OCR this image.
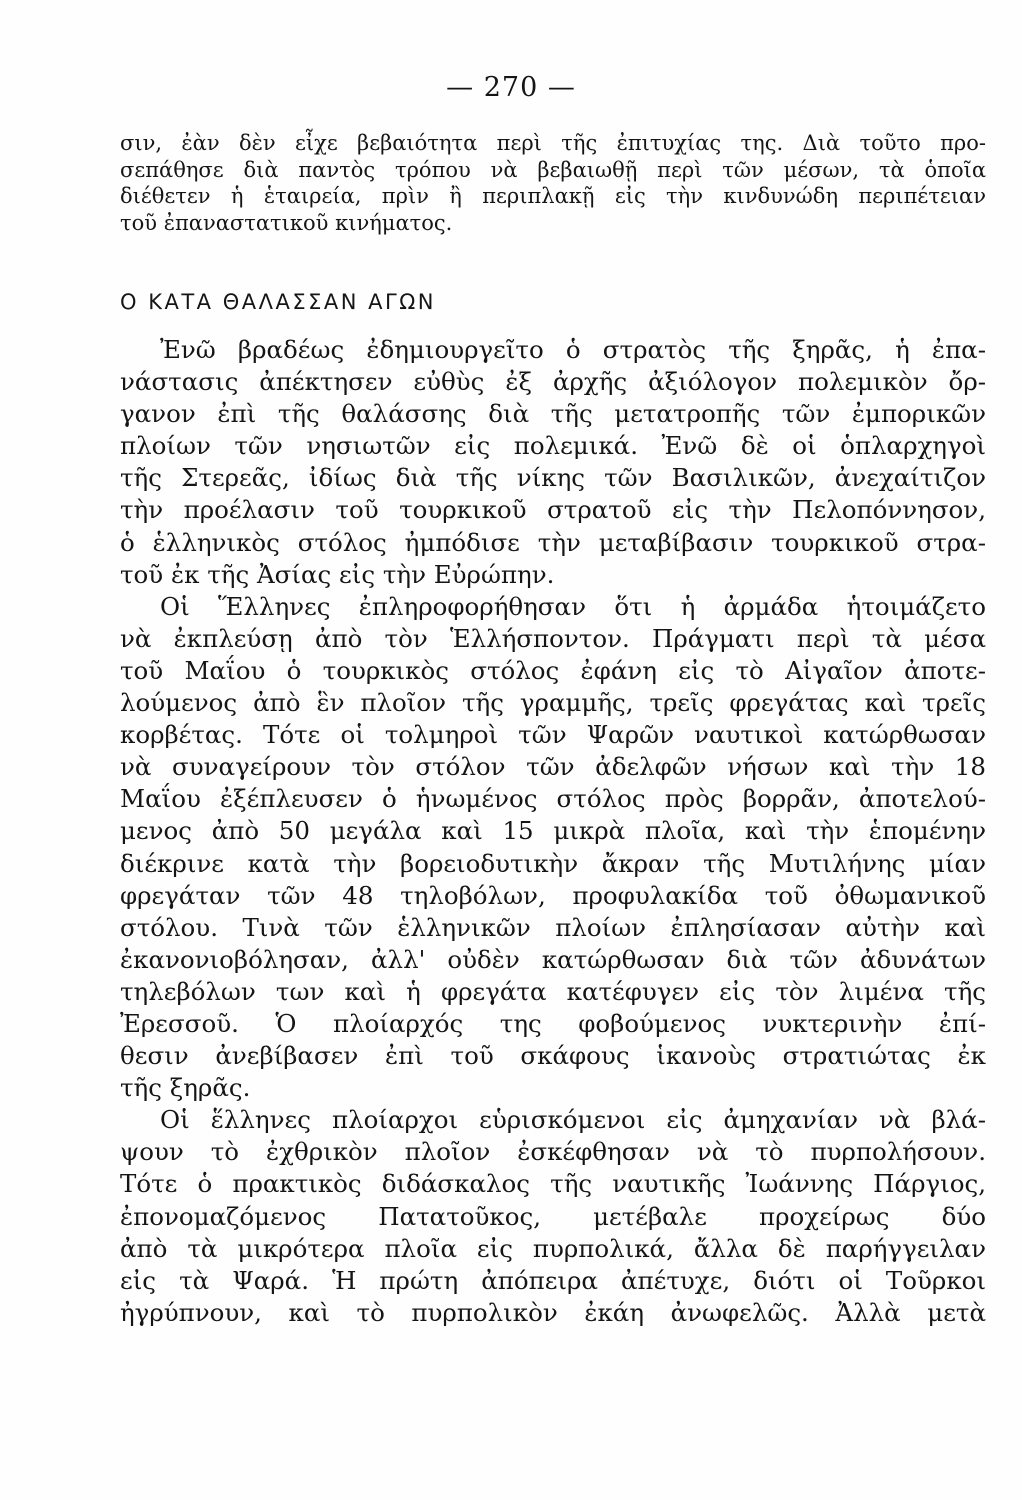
— 270 —
σιν, ἐὰν δὲν εἶχε βεβαιότητα περὶ τῆς ἐπιτυχίας της. Διὰ τοῦτο προ-
σεπάθησε διὰ παντὸς τρόπου νὰ βεβαιωθῇ περὶ τῶν μέσων, τὰ ὁποῖα
διέθετεν ἡ ἑταιρεία, πρὶν ἢ περιπλακῇ εἰς τὴν κινδυνώδη περιπέτειαν
τοῦ ἐπαναστατικοῦ κινήματος.
Ο ΚΑΤΑ ΘΑΛΑΣΣΑΝ ΑΓΩΝ
Ἐνῶ βραδέως ἐδημιουργεῖτο ὁ στρατὸς τῆς ξηρᾶς, ἡ ἐπα-
νάστασις ἀπέκτησεν εὐθὺς ἐξ ἀρχῆς ἀξιόλογον πολεμικὸν ὄρ-
γανον ἐπὶ τῆς θαλάσσης διὰ τῆς μετατροπῆς τῶν ἐμπορικῶν
πλοίων τῶν νησιωτῶν εἰς πολεμικά. Ἐνῶ δὲ οἱ ὁπλαρχηγοὶ
τῆς Στερεᾶς, ἰδίως διὰ τῆς νίκης τῶν Βασιλικῶν, ἀνεχαίτιζον
τὴν προέλασιν τοῦ τουρκικοῦ στρατοῦ εἰς τὴν Πελοπόννησον,
ὁ ἑλληνικὸς στόλος ἠμπόδισε τὴν μεταβίβασιν τουρκικοῦ στρα-
τοῦ ἐκ τῆς Ἀσίας εἰς τὴν Εὐρώπην.
Οἱ Ἕλληνες ἐπληροφορήθησαν ὅτι ἡ ἀρμάδα ἡτοιμάζετο
νὰ ἐκπλεύσῃ ἀπὸ τὸν Ἑλλήσποντον. Πράγματι περὶ τὰ μέσα
τοῦ Μαΐου ὁ τουρκικὸς στόλος ἐφάνη εἰς τὸ Αἰγαῖον ἀποτε-
λούμενος ἀπὸ ἓν πλοῖον τῆς γραμμῆς, τρεῖς φρεγάτας καὶ τρεῖς
κορβέτας. Τότε οἱ τολμηροὶ τῶν Ψαρῶν ναυτικοὶ κατώρθωσαν
νὰ συναγείρουν τὸν στόλον τῶν ἀδελφῶν νήσων καὶ τὴν 18
Μαΐου ἐξέπλευσεν ὁ ἡνωμένος στόλος πρὸς βορρᾶν, ἀποτελού-
μενος ἀπὸ 50 μεγάλα καὶ 15 μικρὰ πλοῖα, καὶ τὴν ἑπομένην
διέκρινε κατὰ τὴν βορειοδυτικὴν ἄκραν τῆς Μυτιλήνης μίαν
φρεγάταν τῶν 48 τηλοβόλων, προφυλακίδα τοῦ ὀθωμανικοῦ
στόλου. Τινὰ τῶν ἑλληνικῶν πλοίων ἐπλησίασαν αὐτὴν καὶ
ἐκανονιοβόλησαν, ἀλλ' οὐδὲν κατώρθωσαν διὰ τῶν ἀδυνάτων
τηλεβόλων των καὶ ἡ φρεγάτα κατέφυγεν εἰς τὸν λιμένα τῆς
Ἐρεσσοῦ. Ὁ πλοίαρχός της φοβούμενος νυκτερινὴν ἐπί-
θεσιν ἀνεβίβασεν ἐπὶ τοῦ σκάφους ἱκανοὺς στρατιώτας ἐκ
τῆς ξηρᾶς.
Οἱ ἕλληνες πλοίαρχοι εὑρισκόμενοι εἰς ἀμηχανίαν νὰ βλά-
ψουν τὸ ἐχθρικὸν πλοῖον ἐσκέφθησαν νὰ τὸ πυρπολήσουν.
Τότε ὁ πρακτικὸς διδάσκαλος τῆς ναυτικῆς Ἰωάννης Πάργιος,
ἐπονομαζόμενος Πατατοῦκος, μετέβαλε προχείρως δύο
ἀπὸ τὰ μικρότερα πλοῖα εἰς πυρπολικά, ἄλλα δὲ παρήγγειλαν
εἰς τὰ Ψαρά. Ἡ πρώτη ἀπόπειρα ἀπέτυχε, διότι οἱ Τοῦρκοι
ἠγρύπνουν, καὶ τὸ πυρπολικὸν ἐκάη ἀνωφελῶς. Ἀλλὰ μετὰ
